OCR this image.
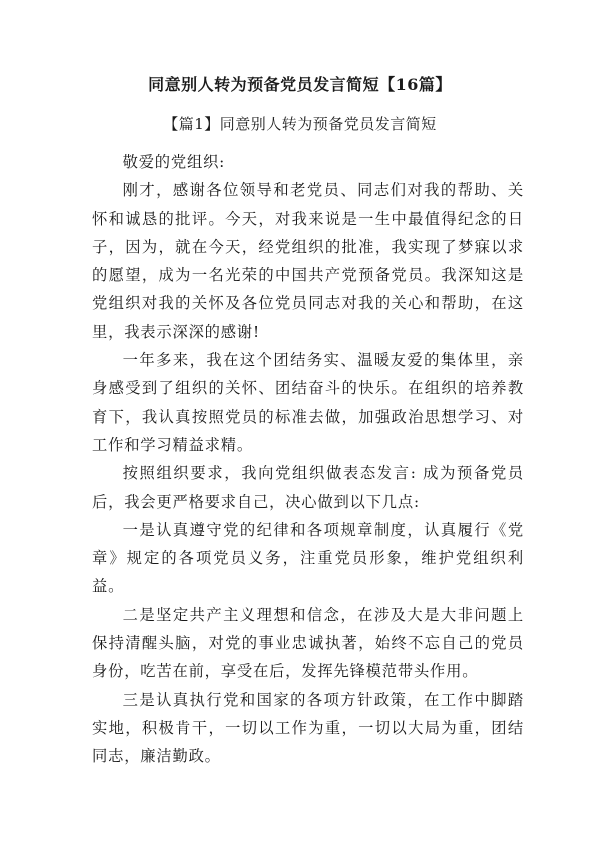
同意别人转为预备党员发言简短【16篇】
【篇1】同意别人转为预备党员发言简短

敬爱的党组织:

刚才，感谢各位领导和老党员、同志们对我的帮助、关怀和诚恳的批评。今天，对我来说是一生中最值得纪念的日子，因为，就在今天，经党组织的批准，我实现了梦寐以求的愿望，成为一名光荣的中国共产党预备党员。我深知这是党组织对我的关怀及各位党员同志对我的关心和帮助，在这里，我表示深深的感谢!

一年多来，我在这个团结务实、温暖友爱的集体里，亲身感受到了组织的关怀、团结奋斗的快乐。在组织的培养教育下，我认真按照党员的标准去做，加强政治思想学习、对工作和学习精益求精。

按照组织要求，我向党组织做表态发言: 成为预备党员后，我会更严格要求自己，决心做到以下几点:

一是认真遵守党的纪律和各项规章制度，认真履行《党章》规定的各项党员义务，注重党员形象，维护党组织利益。

二是坚定共产主义理想和信念，在涉及大是大非问题上保持清醒头脑，对党的事业忠诚执著，始终不忘自己的党员身份，吃苦在前，享受在后，发挥先锋模范带头作用。

三是认真执行党和国家的各项方针政策，在工作中脚踏实地，积极肯干，一切以工作为重，一切以大局为重，团结同志，廉洁勤政。
